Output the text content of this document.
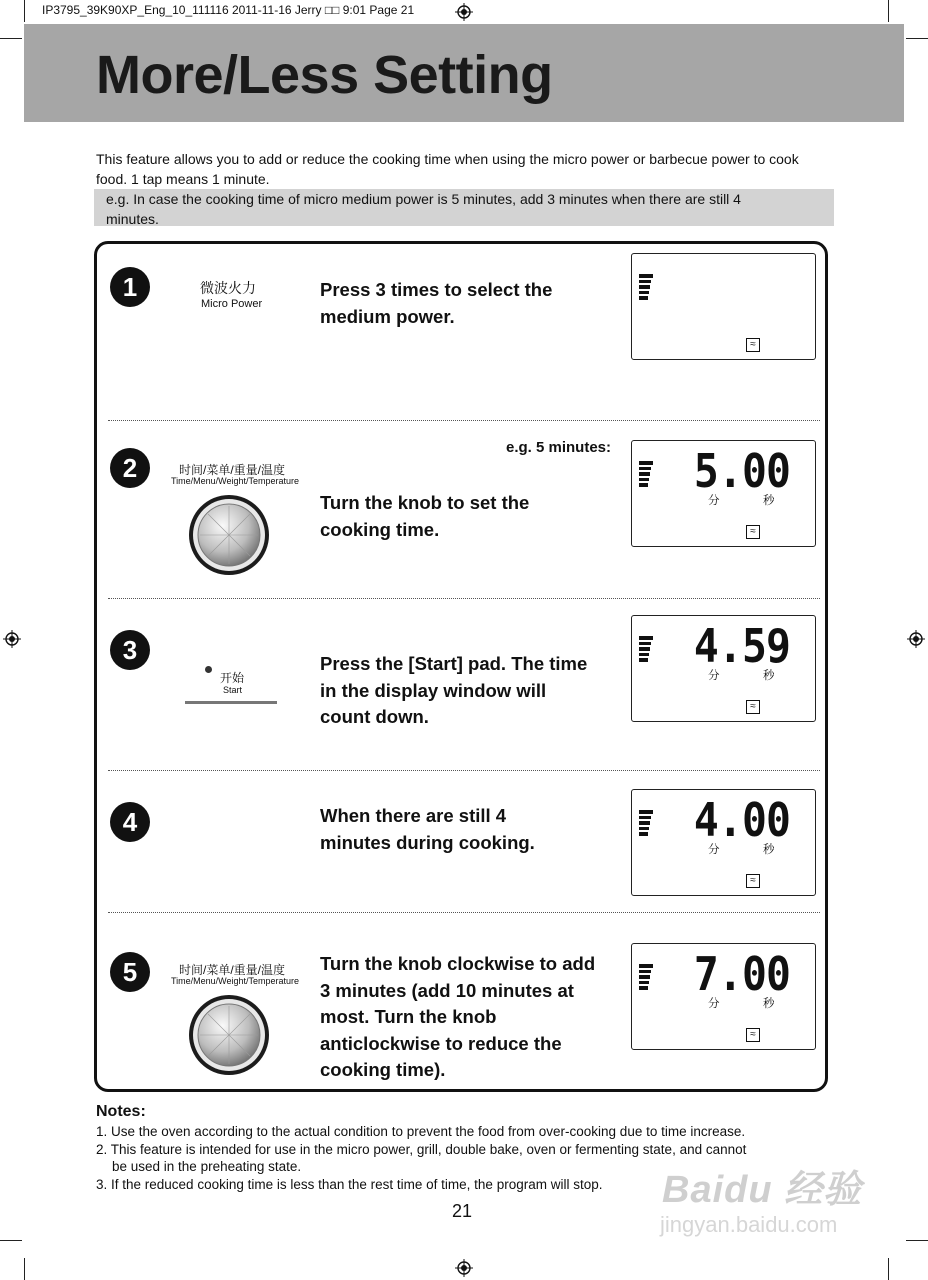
IP3795_39K90XP_Eng_10_111116 2011-11-16 Jerry □□ 9:01 Page 21
More/Less Setting
This feature allows you to add or reduce the cooking time when using the micro power or barbecue power to cook food. 1 tap means 1 minute.
e.g. In case the cooking time of micro medium power is 5 minutes, add 3 minutes when there are still 4 minutes.
1
2
3
4
5
Press 3 times to select the medium power.
Turn the knob to set the cooking time.
Press the [Start] pad. The time in the display window will count down.
When there are still 4 minutes during cooking.
Turn the knob clockwise to add 3 minutes (add 10 minutes at most. Turn the knob anticlockwise to reduce the cooking time).
e.g. 5 minutes:
微波火力
Micro Power
时间/菜单/重量/温度
Time/Menu/Weight/Temperature
开始
Start
时间/菜单/重量/温度
Time/Menu/Weight/Temperature
≈
5.00
分	秒
≈
4.59
分	秒
≈
4.00
分	秒
≈
7.00
分	秒
≈
Notes:
1. Use the oven according to the actual condition to prevent the food from over-cooking due to time increase.
2. This feature is intended for use in the micro power, grill, double bake, oven or fermenting state, and cannot
be used in the preheating state.
3. If the reduced cooking time is less than the rest time of time, the program will stop.
21	Baidu 经验
jingyan.baidu.com
